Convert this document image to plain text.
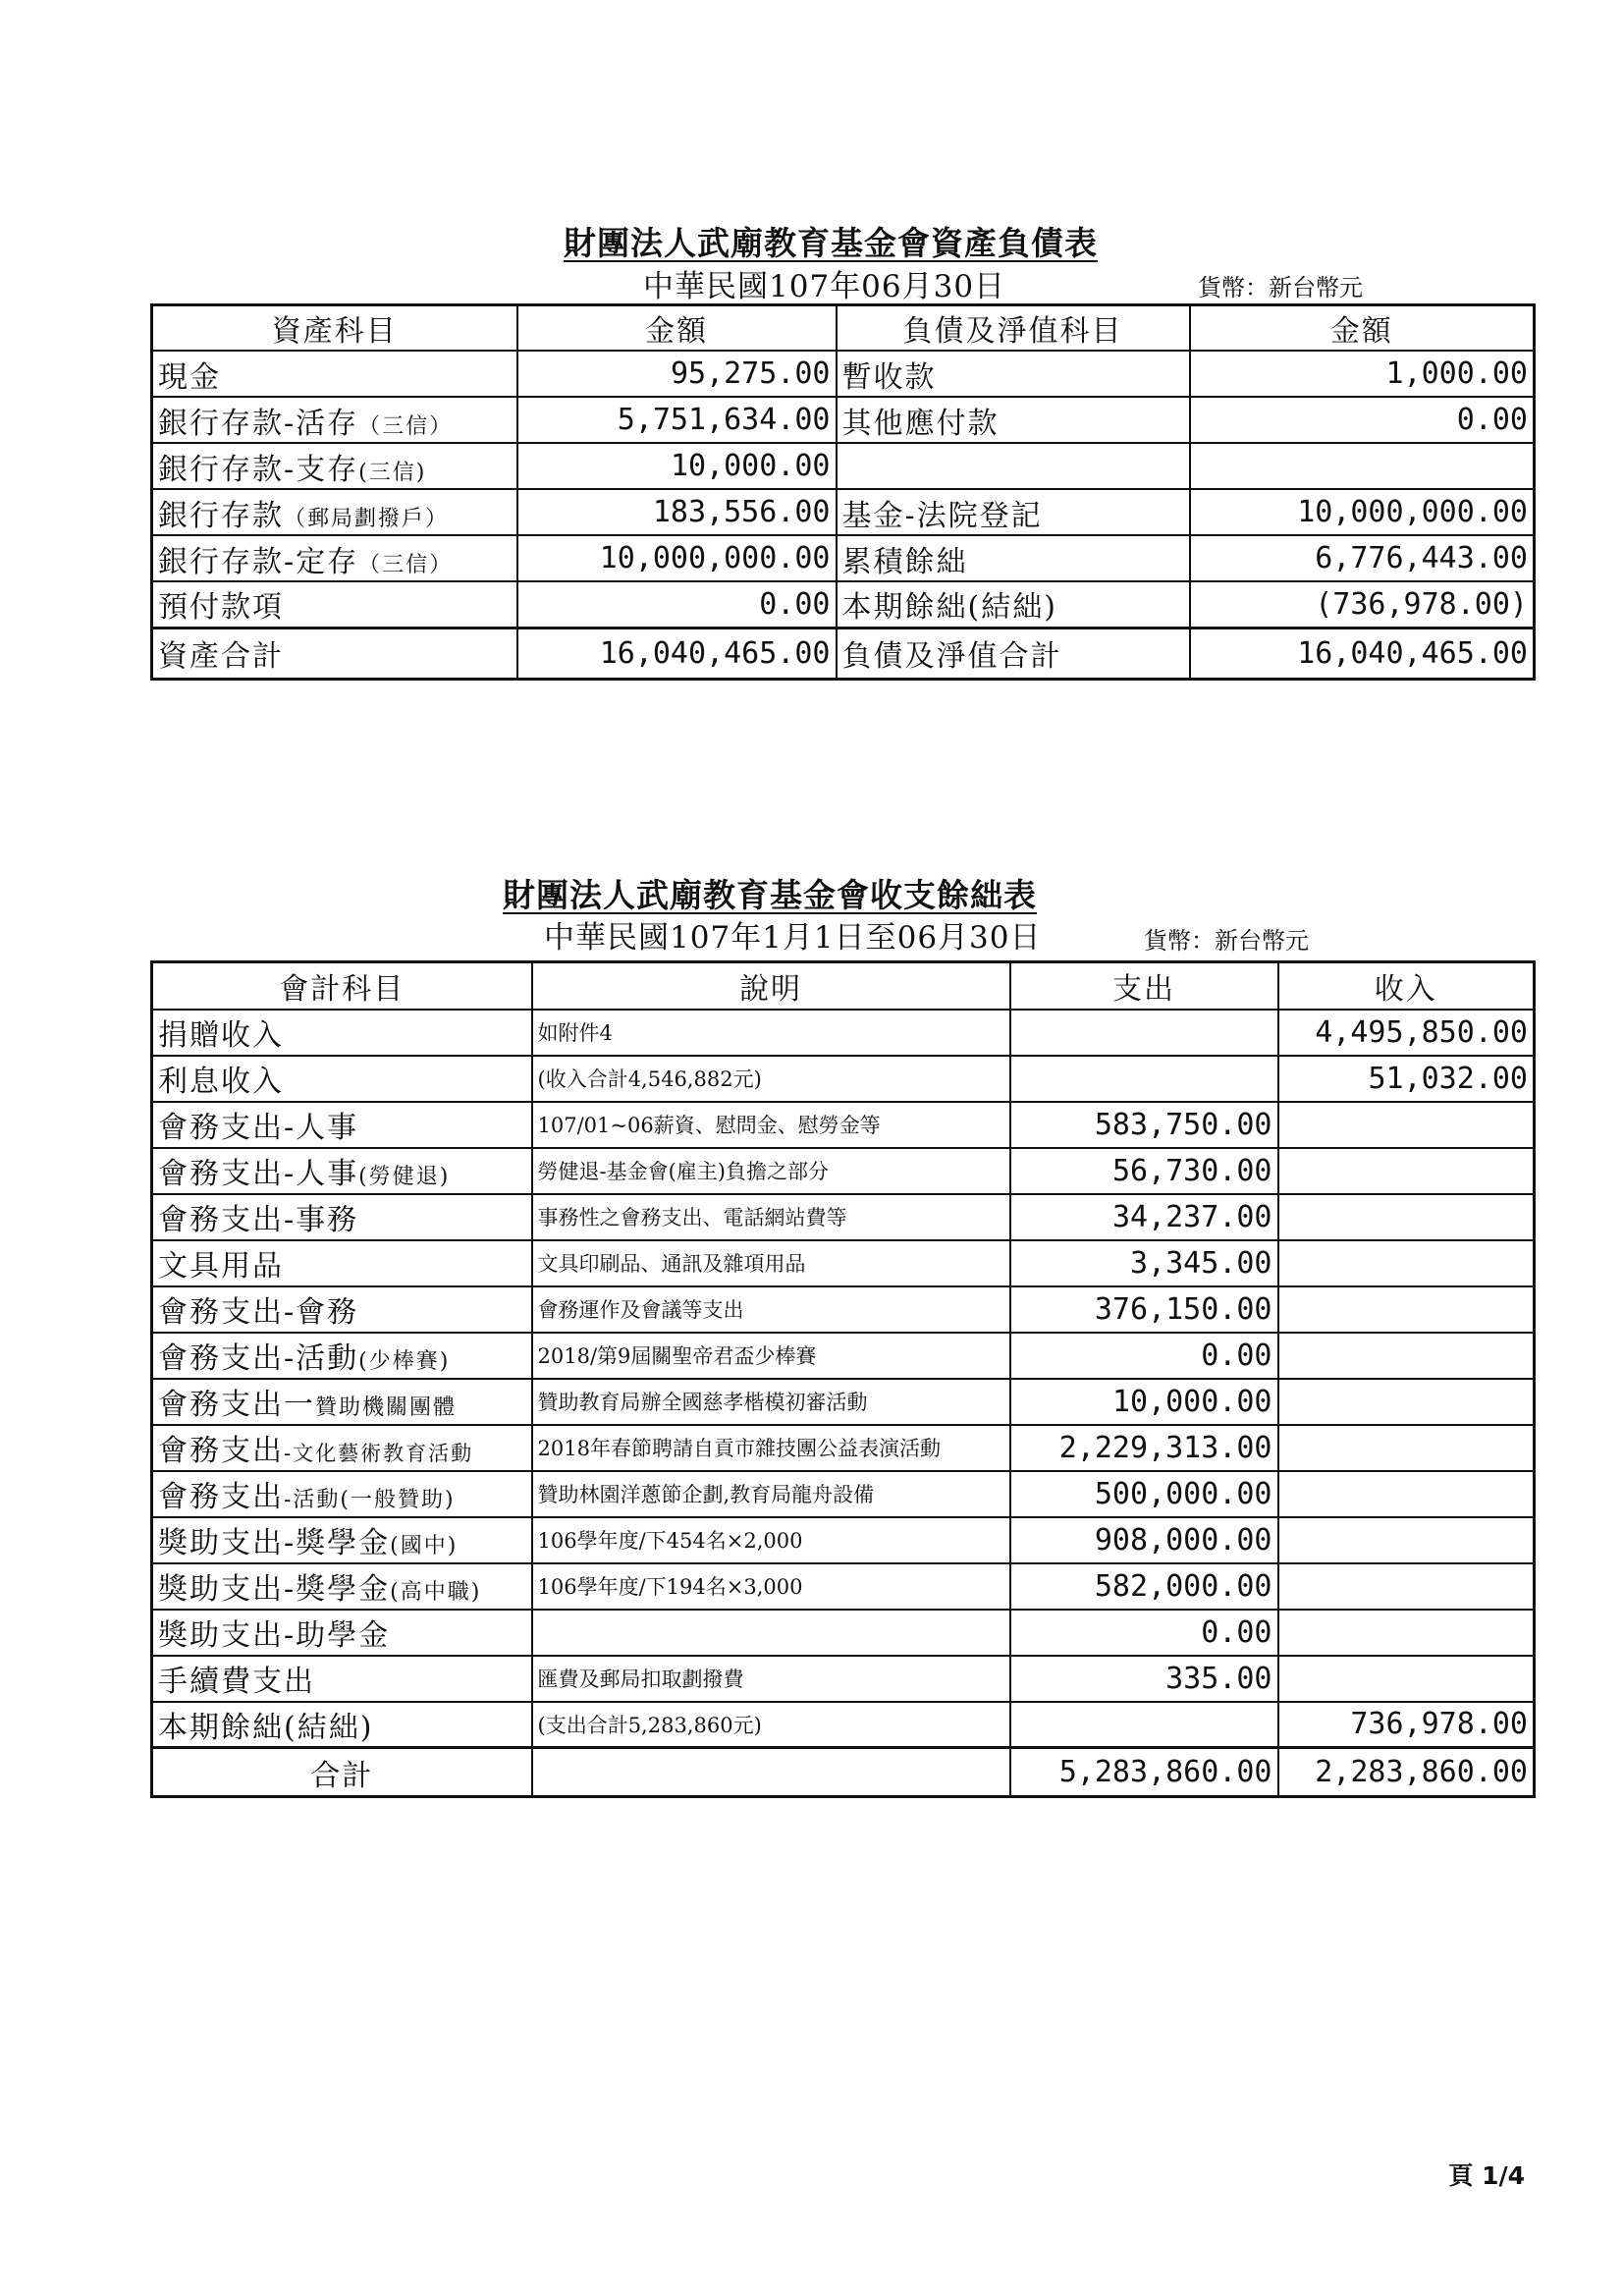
財團法人武廟教育基金會資產負債表
中華民國107年06月30日	貨幣：新台幣元
資產科目	金額	負債及淨值科目	金額
現金	95,275.00	暫收款	1,000.00
銀行存款-活存（三信）	5,751,634.00	其他應付款	0.00
銀行存款-支存(三信)	10,000.00		
銀行存款（郵局劃撥戶）	183,556.00	基金-法院登記	10,000,000.00
銀行存款-定存（三信）	10,000,000.00	累積餘絀	6,776,443.00
預付款項	0.00	本期餘絀(結絀)	(736,978.00)
資產合計	16,040,465.00	負債及淨值合計	16,040,465.00
財團法人武廟教育基金會收支餘絀表
中華民國107年1月1日至06月30日	貨幣：新台幣元
會計科目	說明	支出	收入
捐贈收入	如附件4		4,495,850.00
利息收入	(收入合計4,546,882元)		51,032.00
會務支出-人事	107/01~06薪資、慰問金、慰勞金等	583,750.00	
會務支出-人事(勞健退)	勞健退-基金會(雇主)負擔之部分	56,730.00	
會務支出-事務	事務性之會務支出、電話網站費等	34,237.00	
文具用品	文具印刷品、通訊及雜項用品	3,345.00	
會務支出-會務	會務運作及會議等支出	376,150.00	
會務支出-活動(少棒賽)	2018/第9屆關聖帝君盃少棒賽	0.00	
會務支出一贊助機關團體	贊助教育局辦全國慈孝楷模初審活動	10,000.00	
會務支出-文化藝術教育活動	2018年春節聘請自貢市雜技團公益表演活動	2,229,313.00	
會務支出-活動(一般贊助)	贊助林園洋蔥節企劃,教育局龍舟設備	500,000.00	
獎助支出-獎學金(國中)	106學年度/下454名×2,000	908,000.00	
獎助支出-獎學金(高中職)	106學年度/下194名×3,000	582,000.00	
獎助支出-助學金		0.00	
手續費支出	匯費及郵局扣取劃撥費	335.00	
本期餘絀(結絀)	(支出合計5,283,860元)		736,978.00
合計		5,283,860.00	2,283,860.00
頁 1/4
